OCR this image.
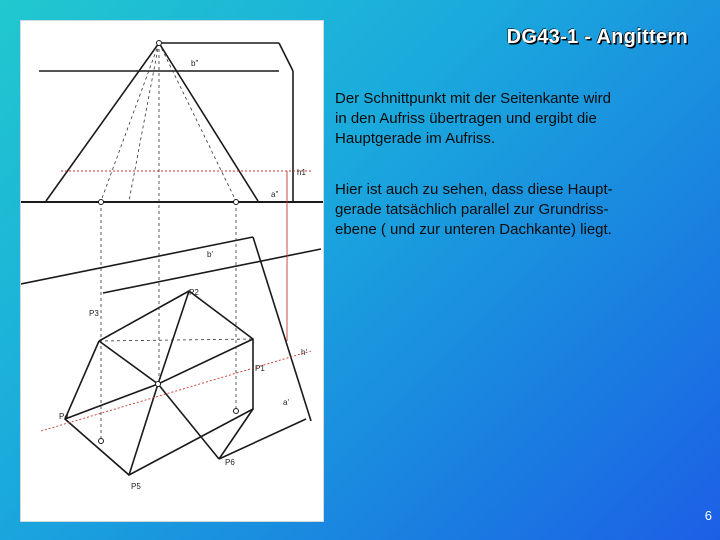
b"
h1
a"
b'
P2
P3
h'
P1
a'
P4
P6
P5
DG43-1 - Angittern

Der Schnittpunkt mit der Seitenkante wird
in den Aufriss übertragen und ergibt die
Hauptgerade im Aufriss.

Hier ist auch zu sehen, dass diese Haupt-
gerade tatsächlich parallel zur Grundriss-
ebene ( und zur unteren Dachkante) liegt.

6
